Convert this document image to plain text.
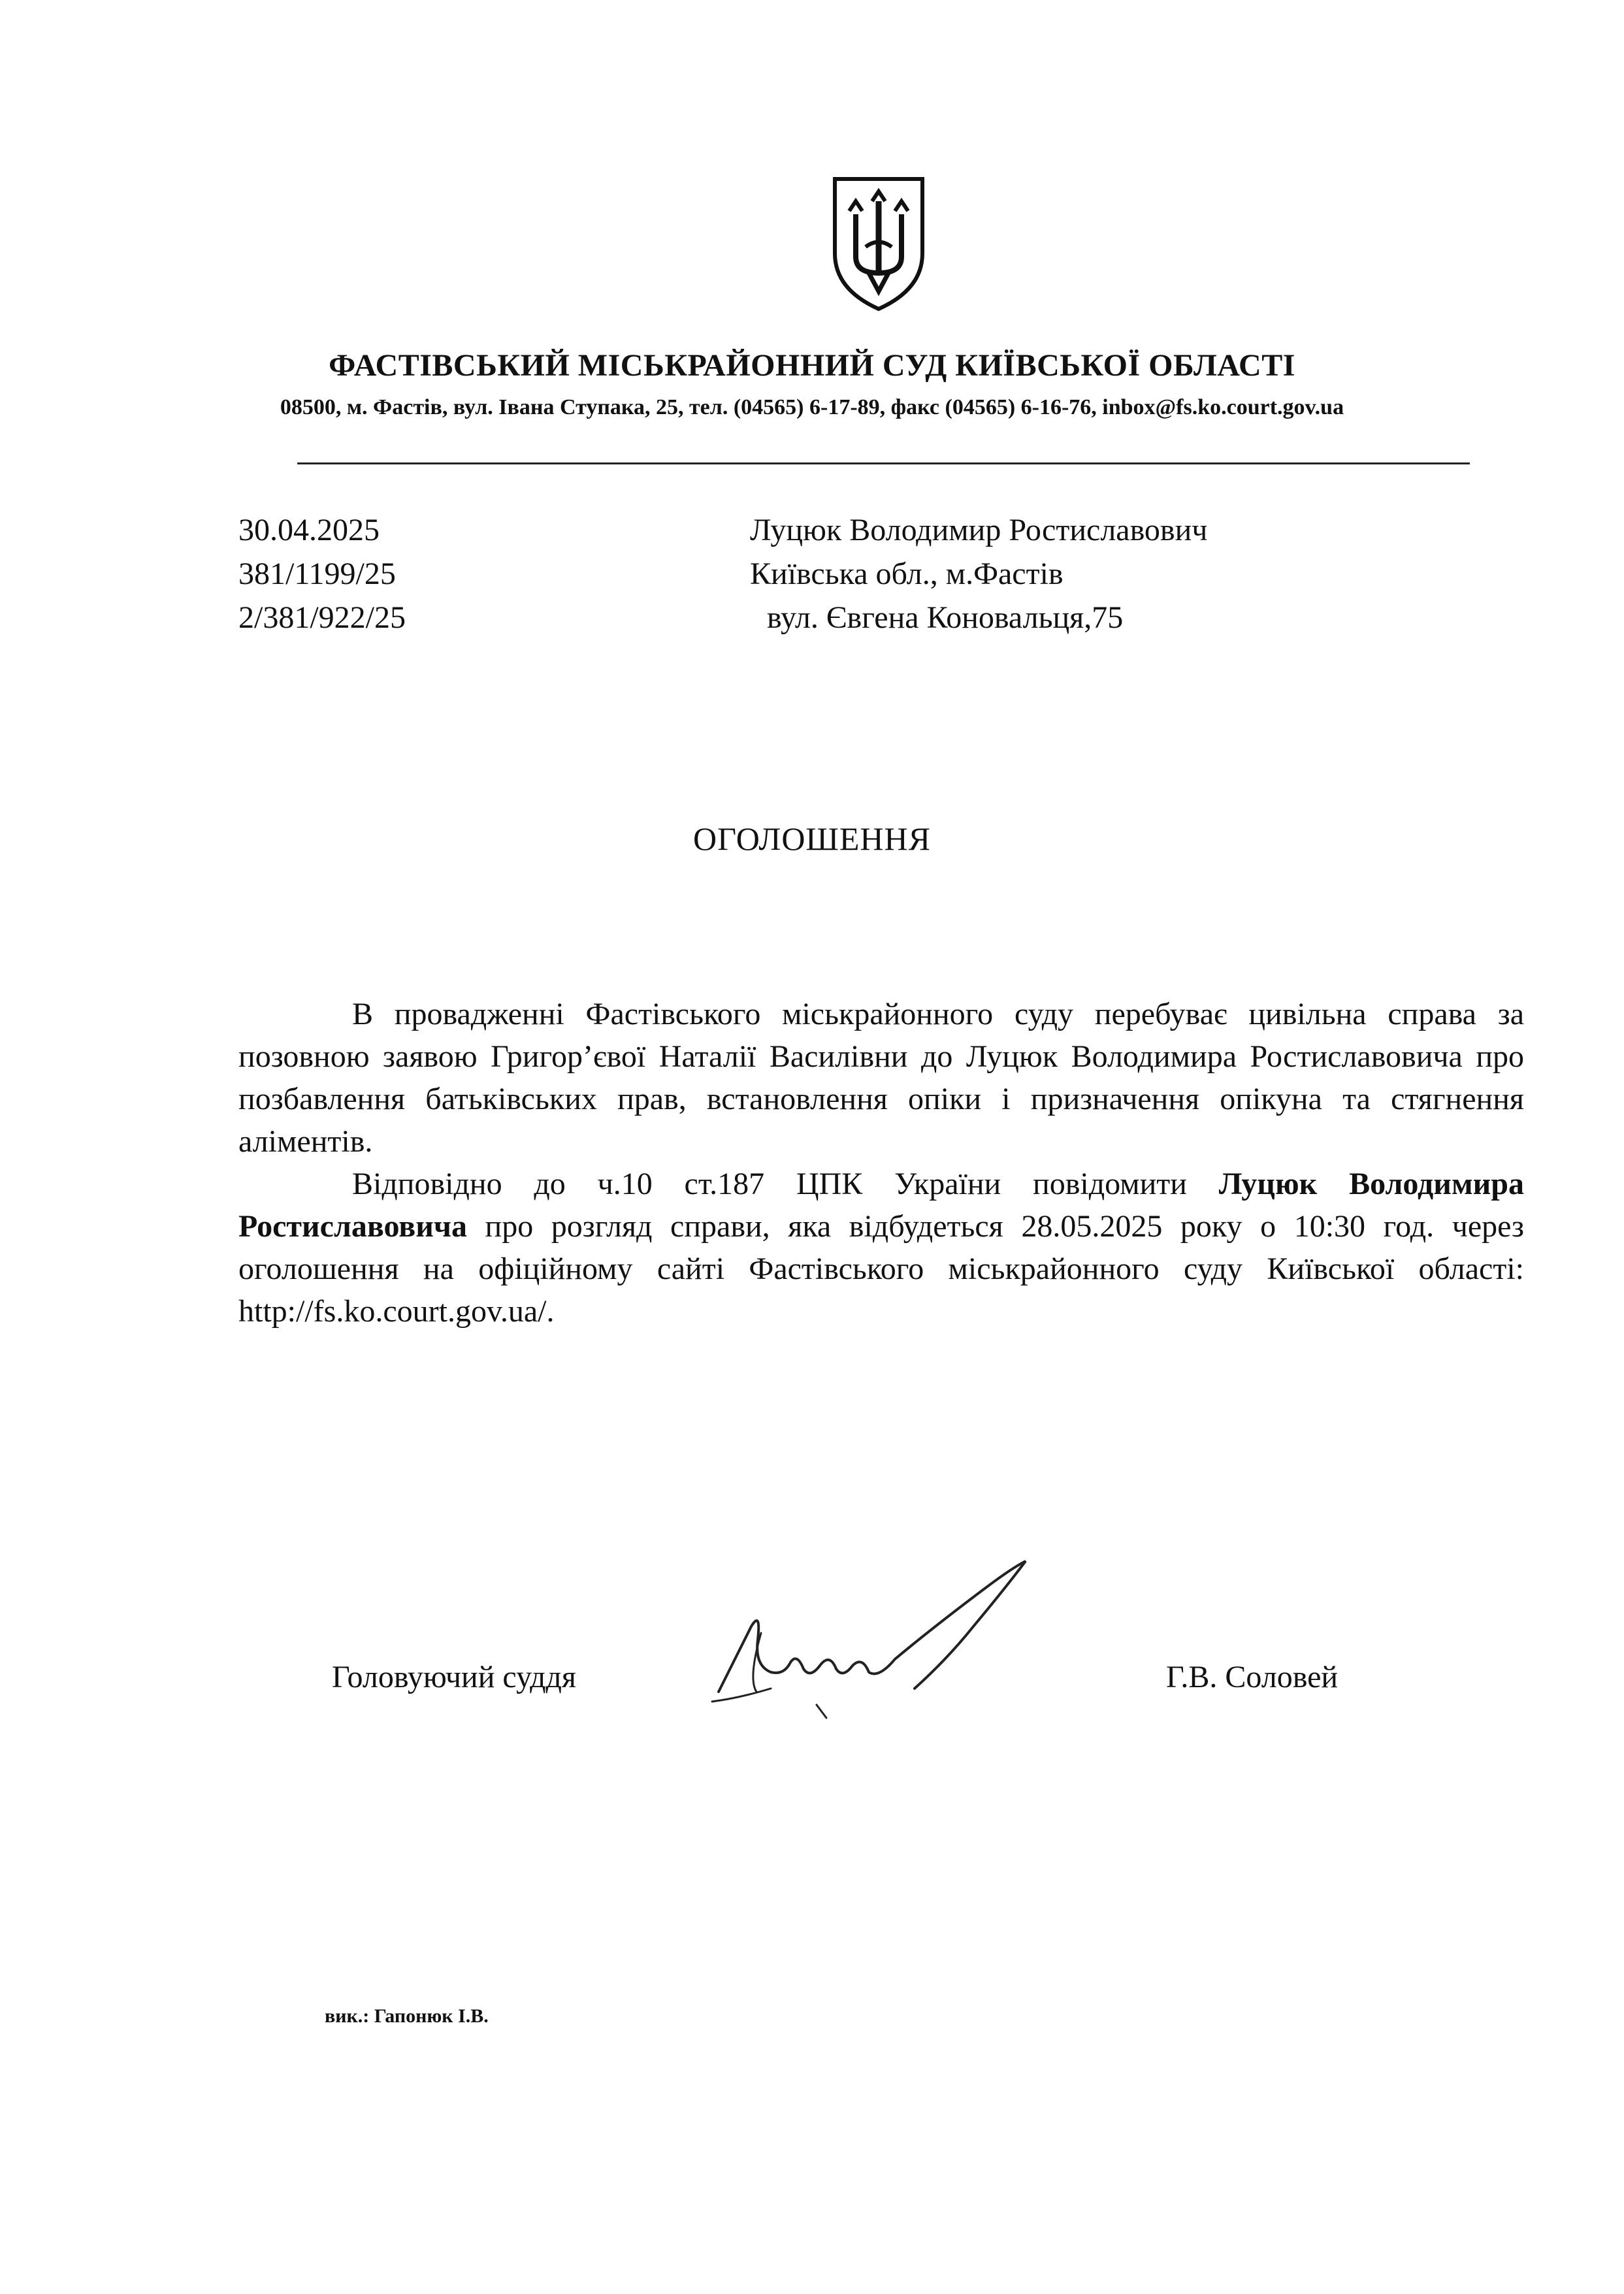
ФАСТІВСЬКИЙ МІСЬКРАЙОННИЙ СУД КИЇВСЬКОЇ ОБЛАСТІ
08500, м. Фастів, вул. Івана Ступака, 25, тел. (04565) 6-17-89, факс (04565) 6-16-76, inbox@fs.ko.court.gov.ua
30.04.2025
381/1199/25
2/381/922/25
Луцюк Володимир Ростиславович
Київська обл., м.Фастів
вул. Євгена Коновальця,75
ОГОЛОШЕННЯ

В провадженні Фастівського міськрайонного суду перебуває цивільна справа за позовною заявою Григор’євої Наталії Василівни до Луцюк Володимира Ростиславовича про позбавлення батьківських прав, встановлення опіки і призначення опікуна та стягнення аліментів.

Відповідно до ч.10 ст.187 ЦПК України повідомити Луцюк Володимира Ростиславовича про розгляд справи, яка відбудеться 28.05.2025 року о 10:30 год. через оголошення на офіційному сайті Фастівського міськрайонного суду Київської області: http://fs.ko.court.gov.ua/.

Головуючий суддя	Г.В. Соловей
вик.: Гапонюк І.В.
